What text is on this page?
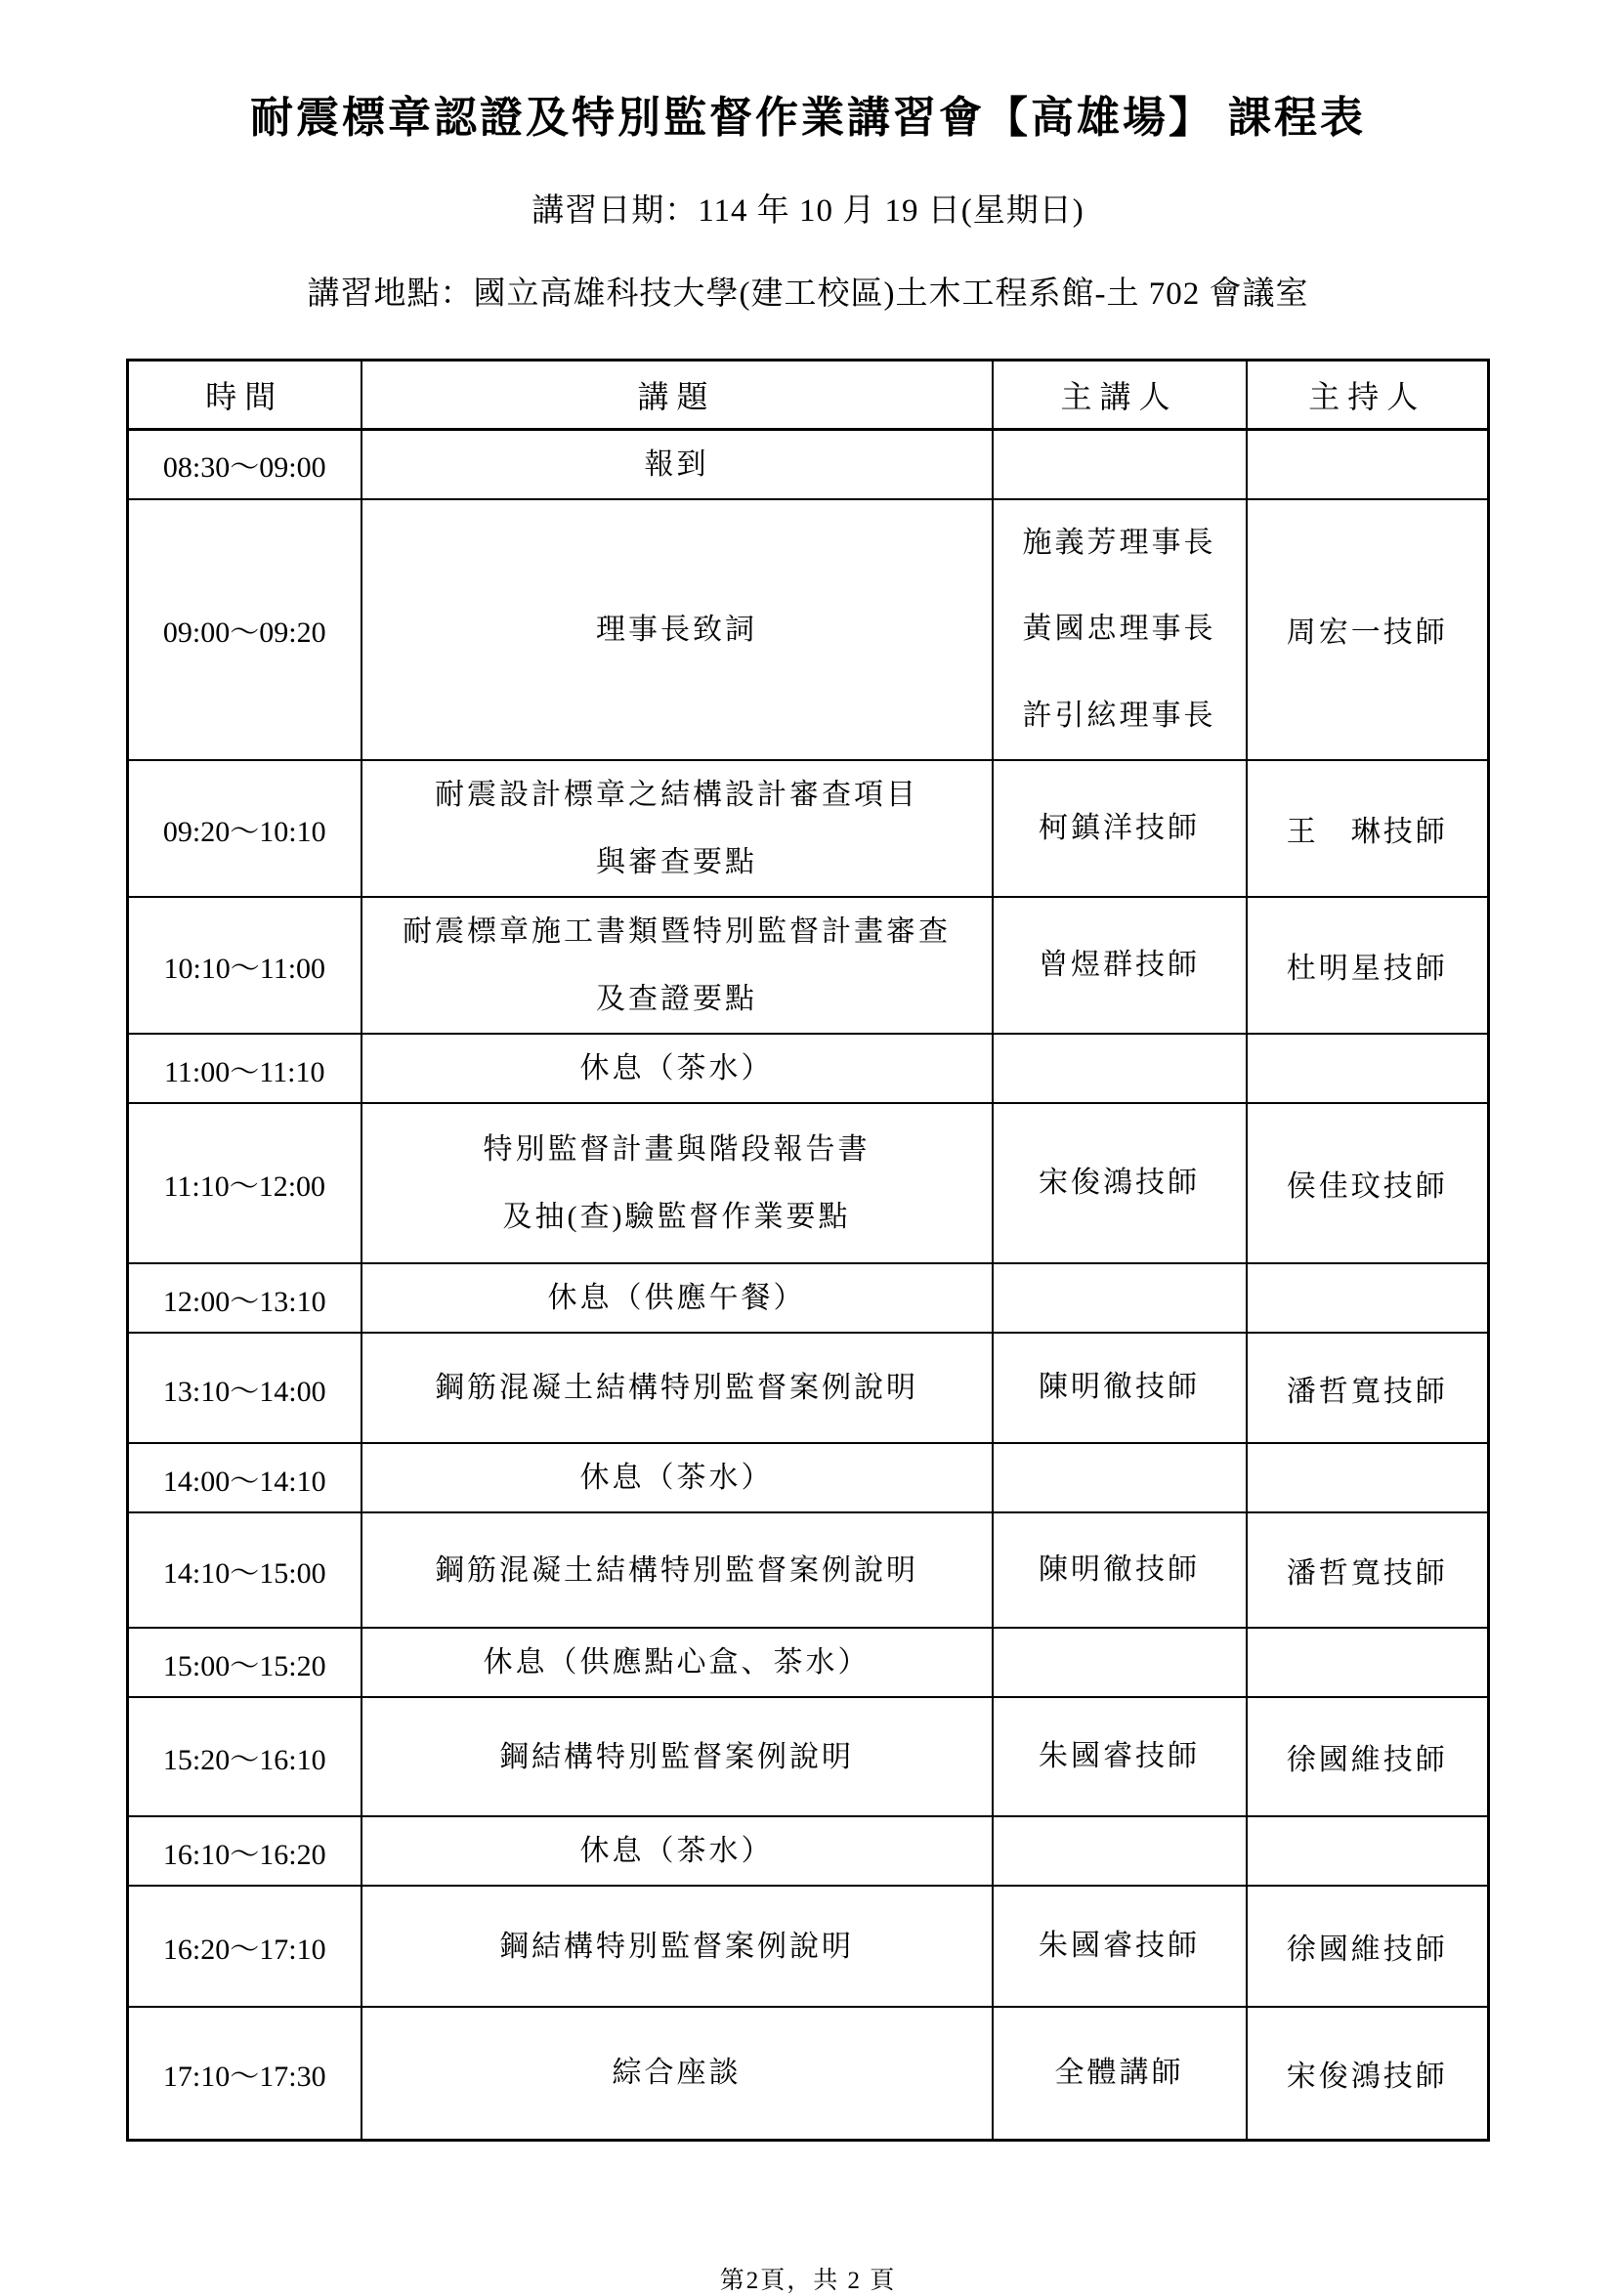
耐震標章認證及特別監督作業講習會【高雄場】 課程表
講習日期：114 年 10 月 19 日(星期日)
講習地點：國立高雄科技大學(建工校區)土木工程系館-土 702 會議室
時間	講題	主講人	主持人
08:30～09:00	報到		

09:00～09:20	理事長致詞	施義芳理事長
黃國忠理事長
許引絃理事長	周宏一技師
09:20～10:10	耐震設計標章之結構設計審查項目
與審查要點	柯鎮洋技師	王　琳技師
10:10～11:00	耐震標章施工書類暨特別監督計畫審查
及查證要點	曾煜群技師	杜明星技師
11:00～11:10	休息（茶水）		

11:10～12:00	特別監督計畫與階段報告書
及抽(查)驗監督作業要點	宋俊鴻技師	侯佳玟技師
12:00～13:10	休息（供應午餐）		

13:10～14:00	鋼筋混凝土結構特別監督案例說明	陳明徹技師	潘哲寬技師
14:00～14:10	休息（茶水）		

14:10～15:00	鋼筋混凝土結構特別監督案例說明	陳明徹技師	潘哲寬技師
15:00～15:20	休息（供應點心盒、茶水）		

15:20～16:10	鋼結構特別監督案例說明	朱國睿技師	徐國維技師
16:10～16:20	休息（茶水）		

16:20～17:10	鋼結構特別監督案例說明	朱國睿技師	徐國維技師
17:10～17:30	綜合座談	全體講師	宋俊鴻技師
第2頁，共 2 頁
